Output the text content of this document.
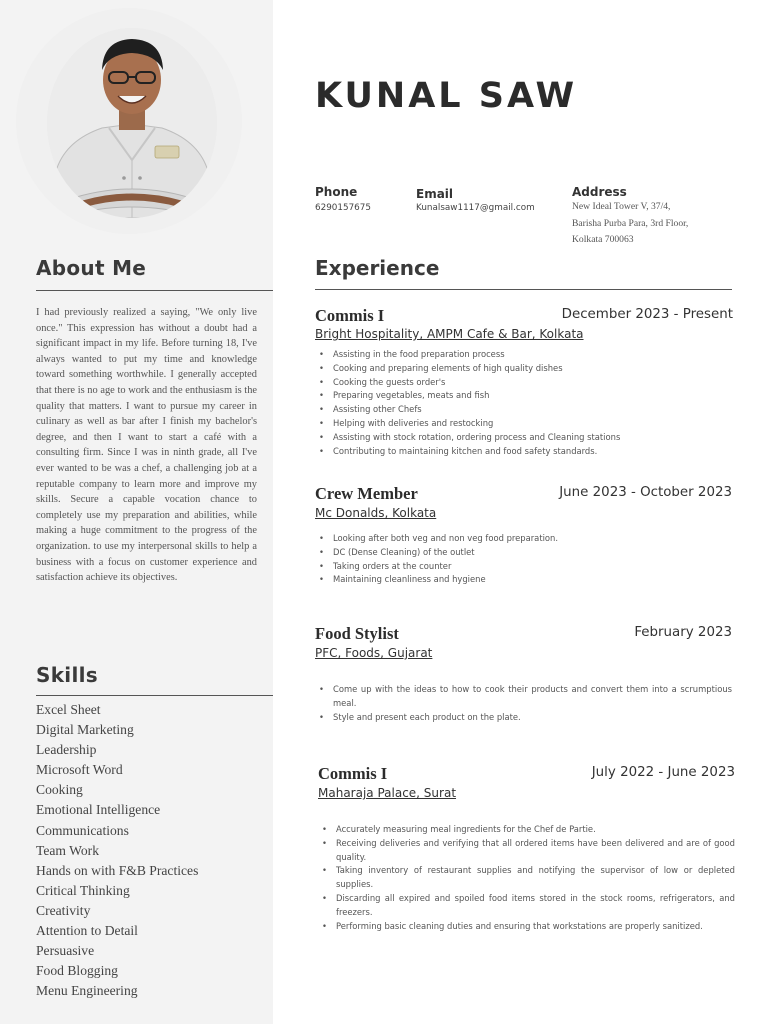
About Me

I had previously realized a saying, "We only live once." This expression has without a doubt had a significant impact in my life. Before turning 18, I've always wanted to put my time and knowledge toward something worthwhile. I generally accepted that there is no age to work and the enthusiasm is the quality that matters. I want to pursue my career in culinary as well as bar after I finish my bachelor's degree, and then I want to start a café with a consulting firm. Since I was in ninth grade, all I've ever wanted to be was a chef, a challenging job at a reputable company to learn more and improve my skills. Secure a capable vocation chance to completely use my preparation and abilities, while making a huge commitment to the progress of the organization. to use my interpersonal skills to help a business with a focus on customer experience and satisfaction achieve its objectives.

Skills
Excel Sheet
Digital Marketing
Leadership
Microsoft Word
Cooking
Emotional Intelligence
Communications
Team Work
Hands on with F&B Practices
Critical Thinking
Creativity
Attention to Detail
Persuasive
Food Blogging
Menu Engineering
KUNAL SAW
Phone
6290157675
Email
Kunalsaw1117@gmail.com
Address
New Ideal Tower V, 37/4,
Barisha Purba Para, 3rd Floor,
Kolkata 700063
Experience
Commis I	December 2023 - Present
Bright Hospitality, AMPM Cafe & Bar, Kolkata
• Assisting in the food preparation process
• Cooking and preparing elements of high quality dishes
• Cooking the guests order's
• Preparing vegetables, meats and fish
• Assisting other Chefs
• Helping with deliveries and restocking
• Assisting with stock rotation, ordering process and Cleaning stations
• Contributing to maintaining kitchen and food safety standards.
Crew Member	June 2023 - October 2023
Mc Donalds, Kolkata
• Looking after both veg and non veg food preparation.
• DC (Dense Cleaning) of the outlet
• Taking orders at the counter
• Maintaining cleanliness and hygiene
Food Stylist	February 2023
PFC, Foods, Gujarat
• Come up with the ideas to how to cook their products and convert them into a scrumptious meal.
• Style and present each product on the plate.
Commis I	July 2022 - June 2023
Maharaja Palace, Surat
• Accurately measuring meal ingredients for the Chef de Partie.
• Receiving deliveries and verifying that all ordered items have been delivered and are of good quality.
• Taking inventory of restaurant supplies and notifying the supervisor of low or depleted supplies.
• Discarding all expired and spoiled food items stored in the stock rooms, refrigerators, and freezers.
• Performing basic cleaning duties and ensuring that workstations are properly sanitized.
